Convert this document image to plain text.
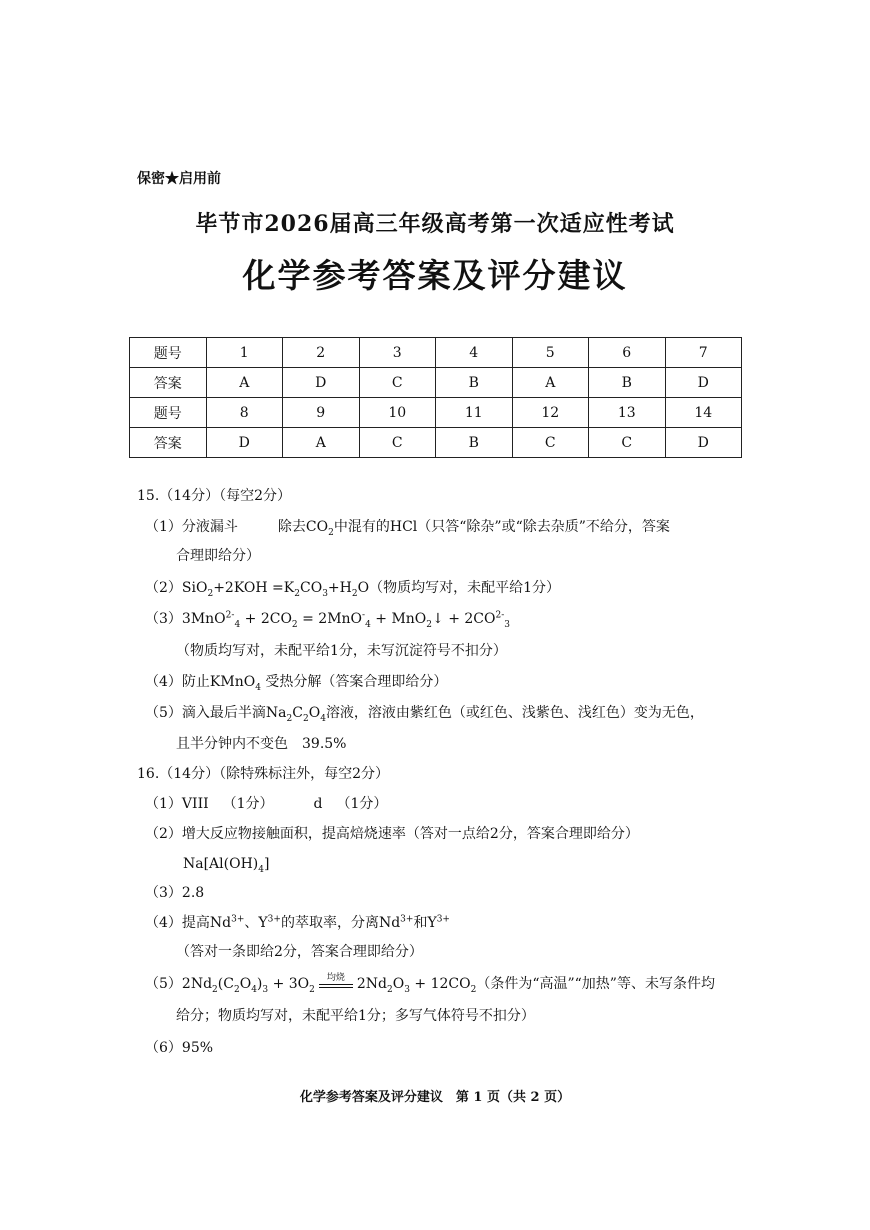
保密★启用前
毕节市2026届高三年级高考第一次适应性考试
化学参考答案及评分建议
题号	1	2	3	4	5	6	7
答案	A	D	C	B	A	B	D
题号	8	9	10	11	12	13	14
答案	D	A	C	B	C	C	D
15.（14分）（每空2分）
（1）分液漏斗	除去$CO_2$中混有的HCl（只答“除杂”或“除去杂质”不给分，答案
合理即给分）
$(2)SiO_2+2KOH =K_2CO_3+H_2O$（物质均写对，未配平给1分）
$(3)3MnO^{2-}_4 + 2CO_2 = 2MnO^-_4$ + MnO$_2$↓ + $2CO^{2-}_3$
（物质均写对，未配平给1分，未写沉淀符号不扣分）
（4）防止KMnO$_4$ 受热分解（答案合理即给分）
（5）滴入最后半滴$Na_2C_2O_4$溶液，溶液由紫红色（或红色、浅紫色、浅红色）变为无色，
且半分钟内不变色 39.5%
16.（14分）（除特殊标注外，每空2分）
（1）VIII （1分）	d （1分）
（2）增大反应物接触面积，提高焙烧速率（答对一点给2分，答案合理即给分）
$Na[Al(OH)_4]$
（3）2.8
（4）提高$Nd^{3+}$、$Y^{3+}$的萃取率，分离$Nd^{3+}$和$Y^{3+}$
（答对一条即给2分，答案合理即给分）
$(5)2Nd_2(C_2O_4)_3 + 3O_2$
均烧 $2Nd_2O_3 + 12CO_2$（条件为“高温”“加热”等、未写条件均
给分；物质均写对，未配平给1分；多写气体符号不扣分）
（6）95%
化学参考答案及评分建议　第 1 页（共 2 页）
